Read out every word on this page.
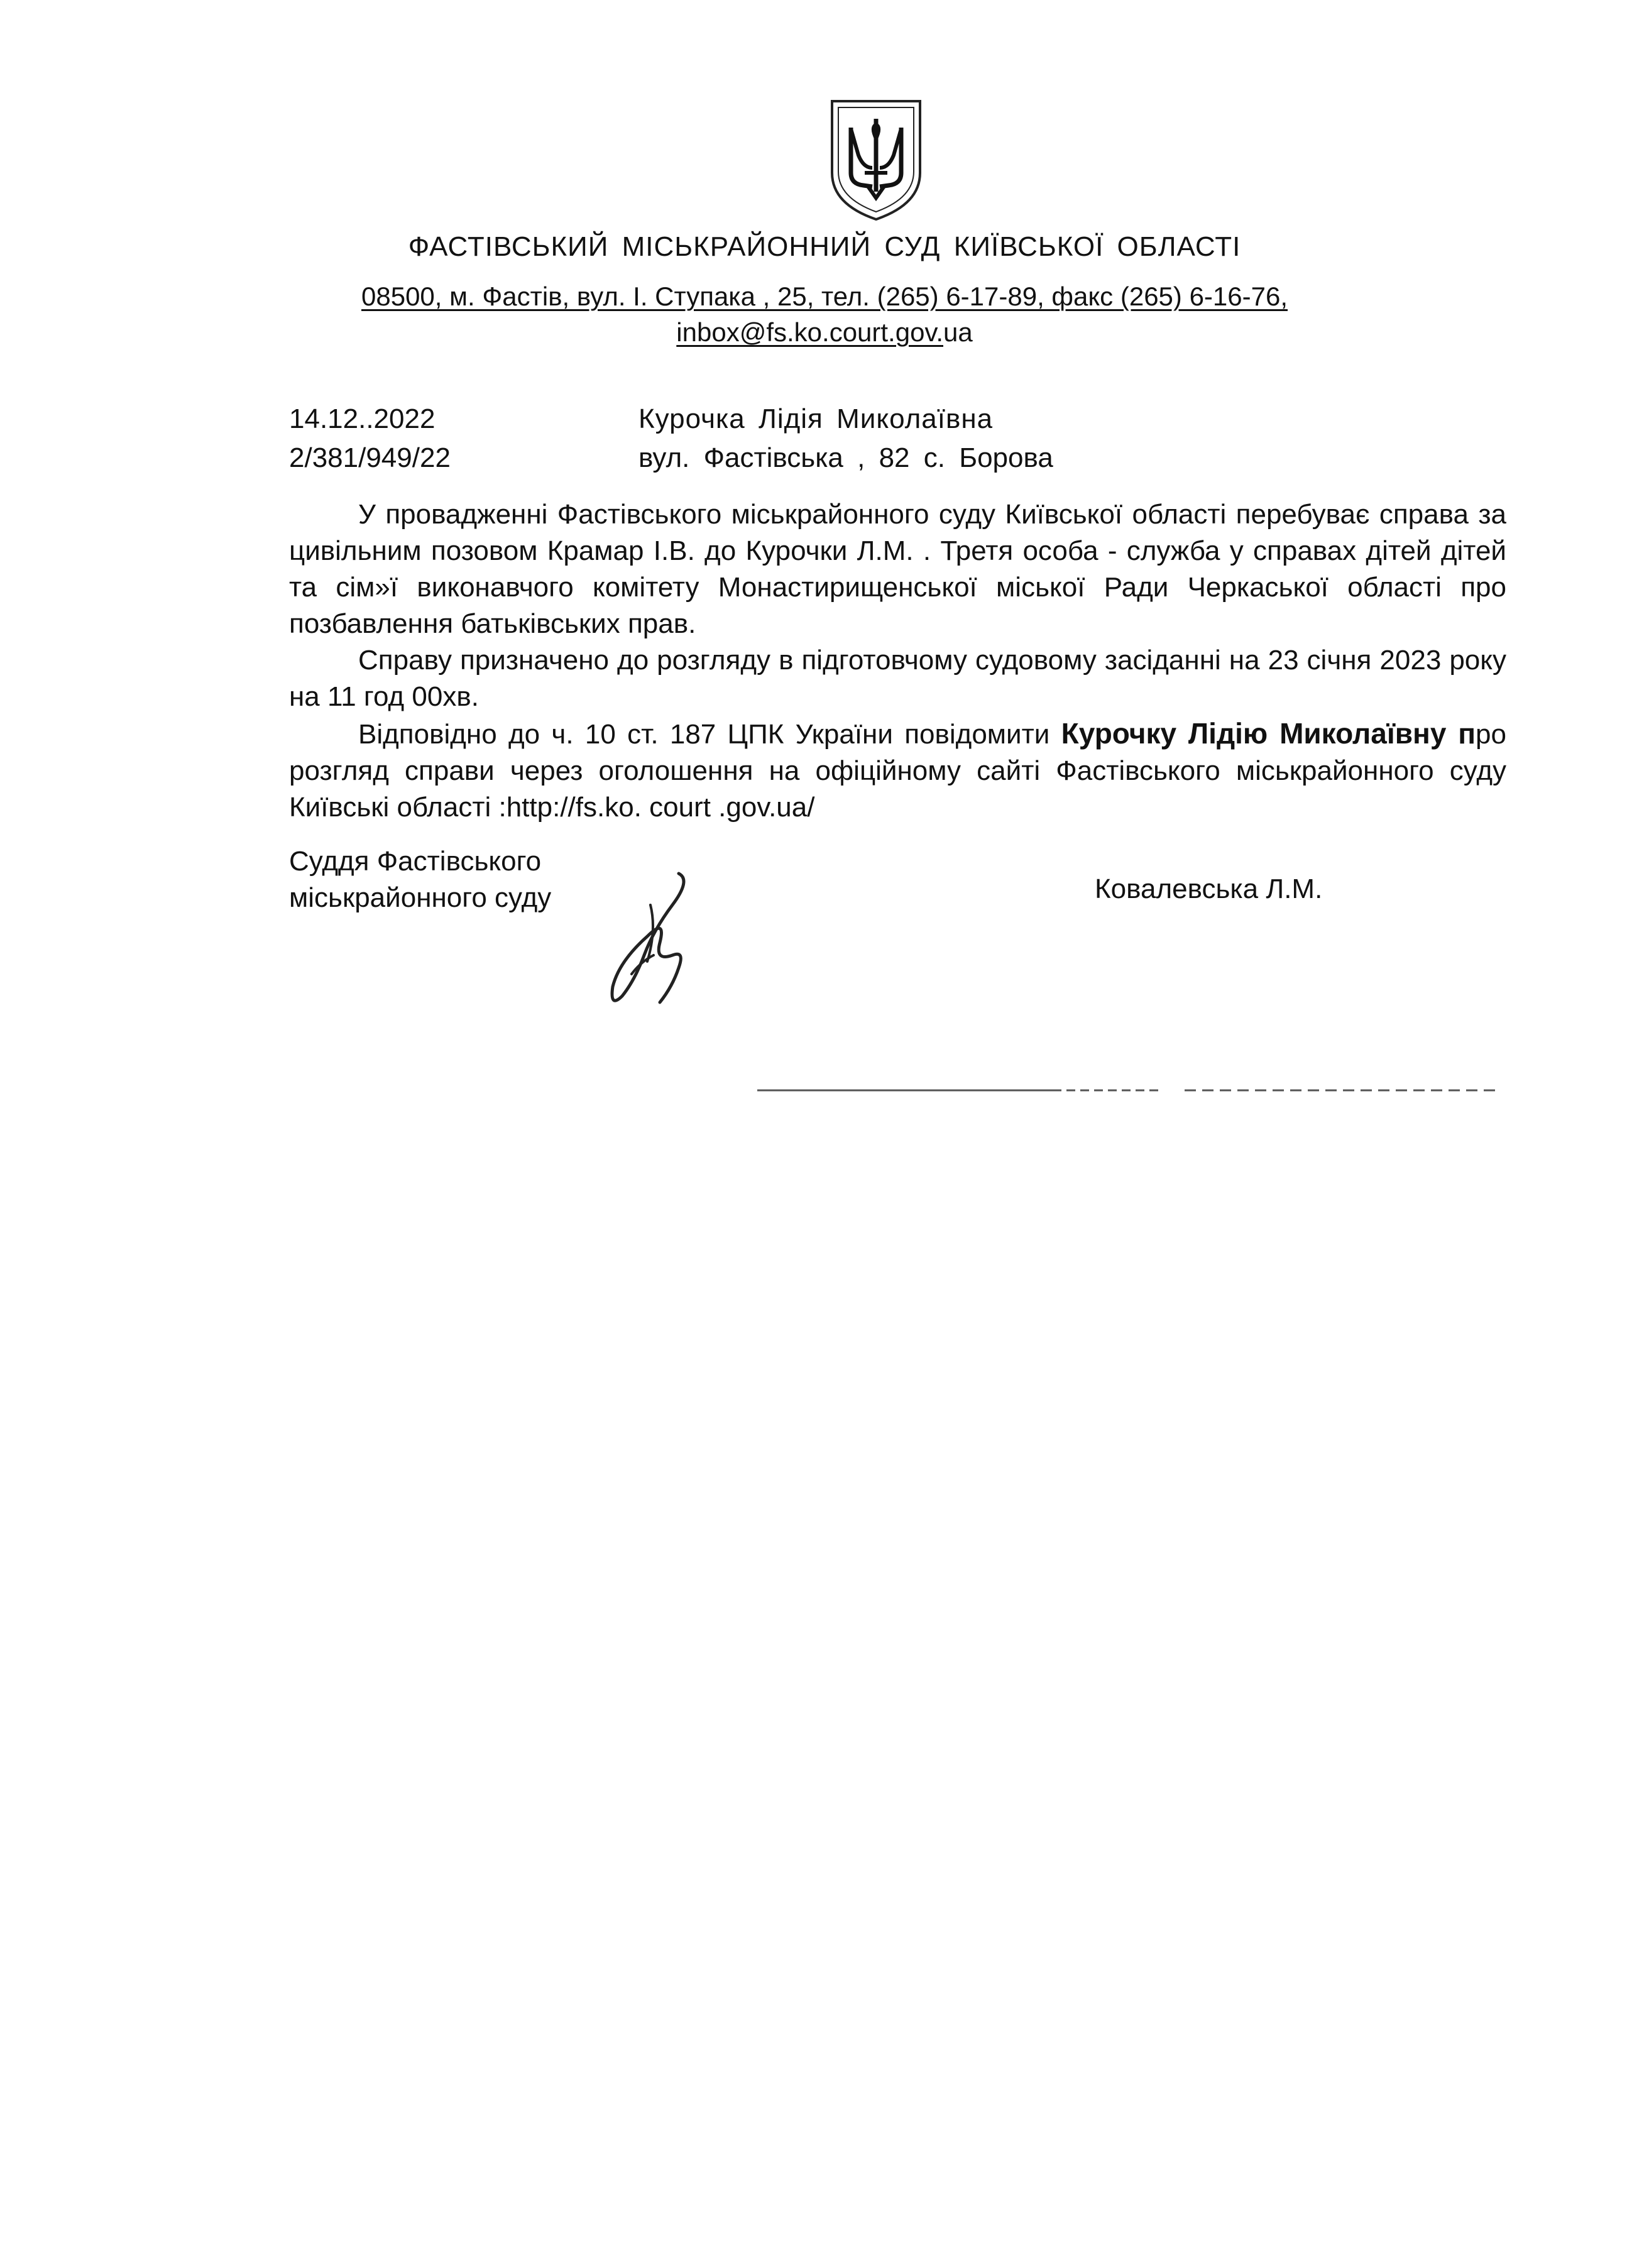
ФАСТІВСЬКИЙ МІСЬКРАЙОННИЙ СУД КИЇВСЬКОЇ ОБЛАСТІ
08500, м. Фастів, вул. І. Ступака , 25, тел. (265) 6-17-89, факс (265) 6-16-76,
inbox@fs.ko.court.gov.ua
14.12..2022
2/381/949/22
Курочка Лідія Миколаївна
вул. Фастівська , 82 с. Борова

У провадженні Фастівського міськрайонного суду Київської області перебуває справа за цивільним позовом Крамар І.В. до Курочки Л.М. . Третя особа - служба у справах дітей дітей та сім»ї виконавчого комітету Монастирищенської міської Ради Черкаської області про позбавлення батьківських прав.

Справу призначено до розгляду в підготовчому судовому засіданні на 23 січня 2023 року на 11 год 00хв.

Відповідно до ч. 10 ст. 187 ЦПК України повідомити Курочку Лідію Миколаївну про розгляд справи через оголошення на офіційному сайті Фастівського міськрайонного суду Київські області :http://fs.ko. court .gov.ua/

Суддя Фастівського
міськрайонного суду	Ковалевська Л.М.
